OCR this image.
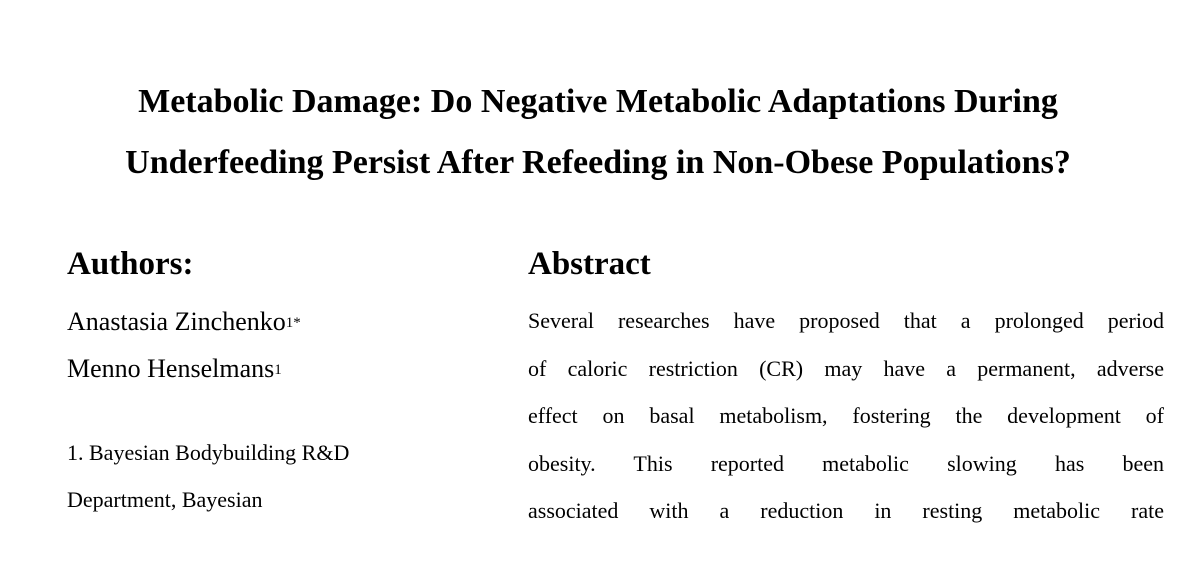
Metabolic Damage: Do Negative Metabolic Adaptations During
Underfeeding Persist After Refeeding in Non-Obese Populations?
Authors:
Anastasia Zinchenko$^{1*}$
Menno Henselmans$^1$

1. Bayesian Bodybuilding R&D
Department, Bayesian

Abstract

Several researches have proposed that a prolonged period
of caloric restriction (CR) may have a permanent, adverse
effect on basal metabolism, fostering the development of
obesity. This reported metabolic slowing has been
associated with a reduction in resting metabolic rate
